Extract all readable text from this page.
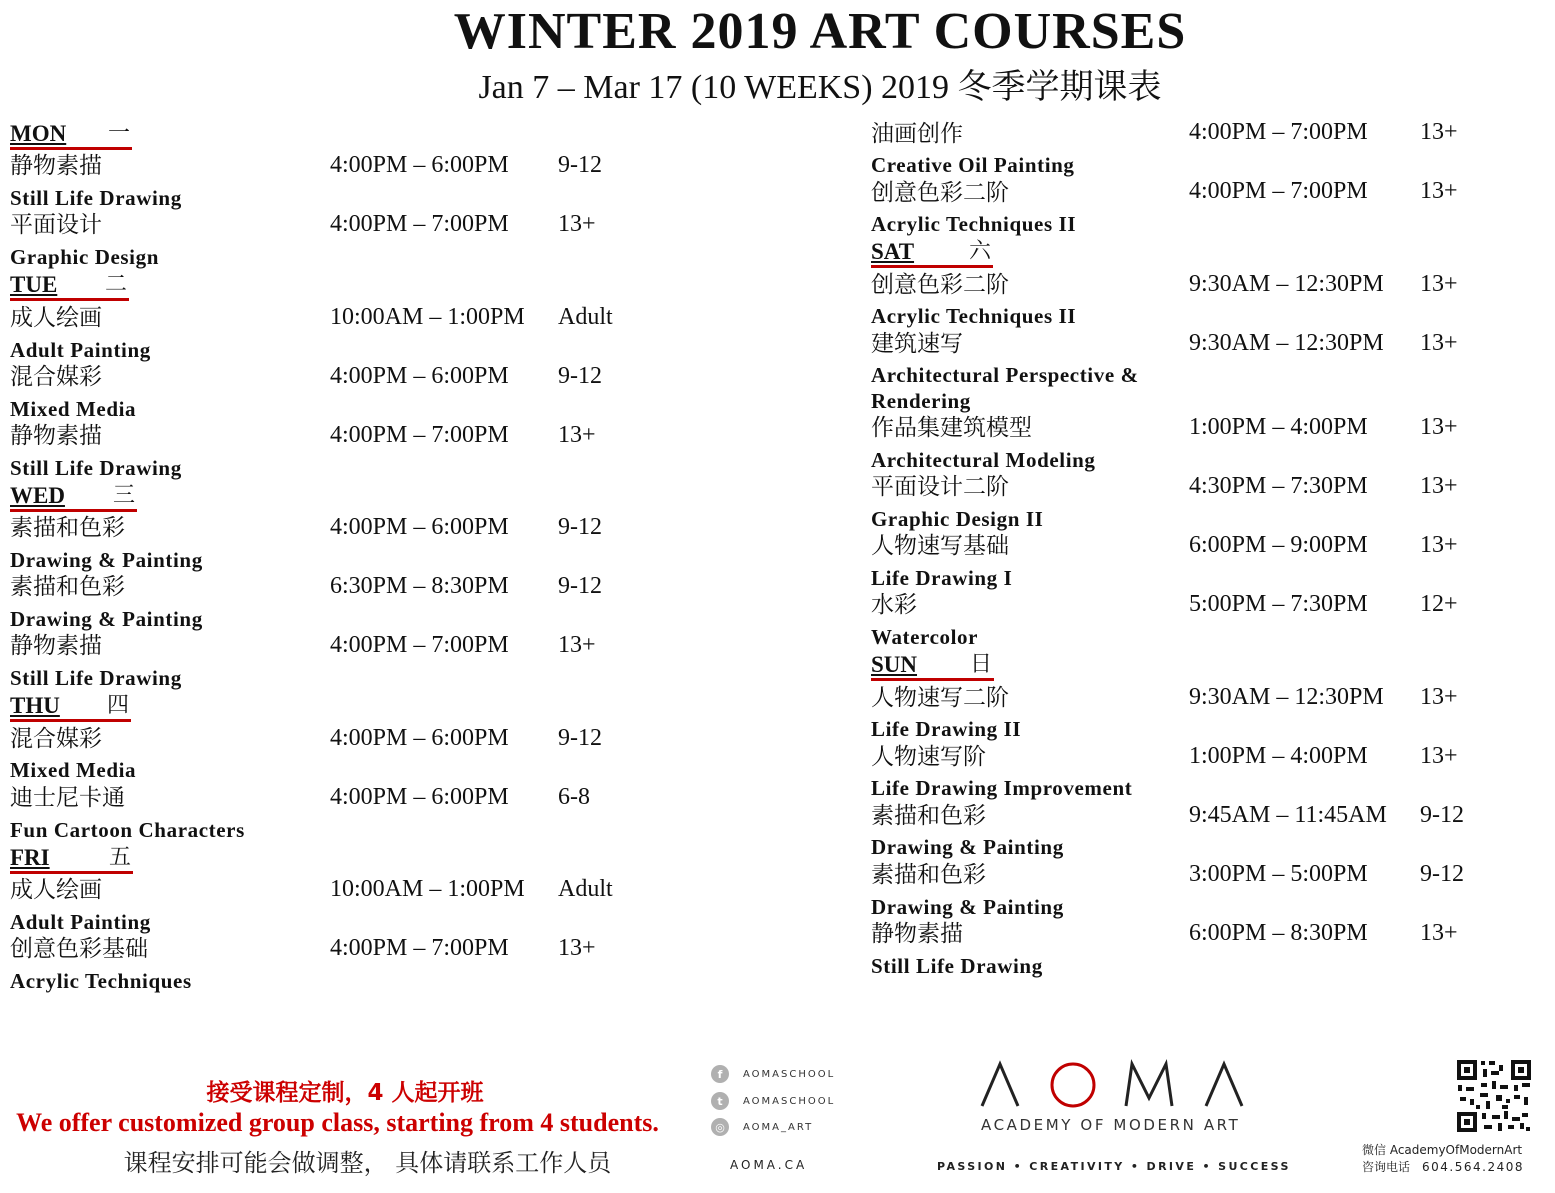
WINTER 2019 ART COURSES
Jan 7 – Mar 17 (10 WEEKS) 2019 冬季学期课表
MON 一
静物素描	4:00PM – 6:00PM 9-12
Still Life Drawing
平面设计	4:00PM – 7:00PM 13+
Graphic Design
TUE 二
成人绘画	10:00AM – 1:00PM Adult
Adult Painting
混合媒彩	4:00PM – 6:00PM 9-12
Mixed Media
静物素描	4:00PM – 7:00PM 13+
Still Life Drawing
WED 三
素描和色彩	4:00PM – 6:00PM 9-12
Drawing & Painting
素描和色彩	6:30PM – 8:30PM 9-12
Drawing & Painting
静物素描	4:00PM – 7:00PM 13+
Still Life Drawing
THU 四
混合媒彩	4:00PM – 6:00PM 9-12
Mixed Media
迪士尼卡通	4:00PM – 6:00PM 6-8
Fun Cartoon Characters
FRI	五
成人绘画	10:00AM – 1:00PM Adult
Adult Painting
创意色彩基础	4:00PM – 7:00PM 13+
Acrylic Techniques
油画创作	4:00PM – 7:00PM 13+
Creative Oil Painting
创意色彩二阶	4:00PM – 7:00PM 13+
Acrylic Techniques II
SAT 六
创意色彩二阶	9:30AM – 12:30PM 13+
Acrylic Techniques II
建筑速写	9:30AM – 12:30PM 13+
Architectural Perspective & Rendering
作品集建筑模型	1:00PM – 4:00PM 13+
Architectural Modeling
平面设计二阶	4:30PM – 7:30PM 13+
Graphic Design II
人物速写基础	6:00PM – 9:00PM 13+
Life Drawing I
水彩	5:00PM – 7:30PM 12+
Watercolor
SUN 日
人物速写二阶	9:30AM – 12:30PM 13+
Life Drawing II
人物速写阶	1:00PM – 4:00PM 13+
Life Drawing Improvement
素描和色彩	9:45AM – 11:45AM 9-12
Drawing & Painting
素描和色彩	3:00PM – 5:00PM 9-12
Drawing & Painting
静物素描	6:00PM – 8:30PM 13+
Still Life Drawing
接受课程定制，4 人起开班
We offer customized group class, starting from 4 students.
课程安排可能会做调整， 具体请联系工作人员
f	AOMASCHOOL
t	AOMASCHOOL
◎	AOMA_ART
AOMA.CA
ACADEMY OF MODERN ART
PASSION • CREATIVITY • DRIVE • SUCCESS
微信 AcademyOfModernArt
咨询电话 604.564.2408
